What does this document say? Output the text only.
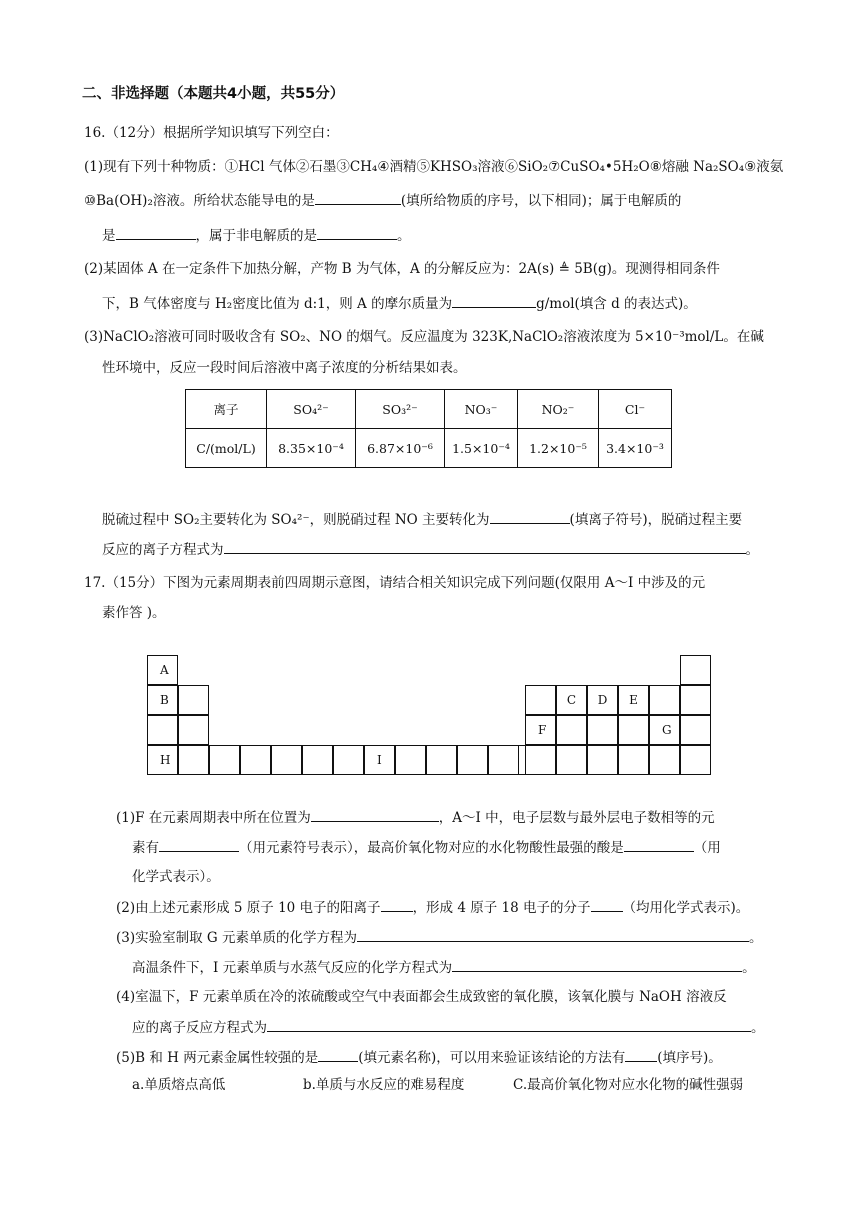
二、非选择题（本题共4小题，共55分）
16.（12分）根据所学知识填写下列空白：
(1)现有下列十种物质：①HCl 气体②石墨③CH₄④酒精⑤KHSO₃溶液⑥SiO₂⑦CuSO₄•5H₂O⑧熔融 Na₂SO₄⑨液氨
⑩Ba(OH)₂溶液。所给状态能导电的是	(填所给物质的序号，以下相同)；属于电解质的
是	，属于非电解质的是	。
(2)某固体 A 在一定条件下加热分解，产物 B 为气体，A 的分解反应为：2A(s) ≜ 5B(g)。现测得相同条件
下，B 气体密度与 H₂密度比值为 d:1，则 A 的摩尔质量为	g/mol(填含 d 的表达式)。
(3)NaClO₂溶液可同时吸收含有 SO₂、NO 的烟气。反应温度为 323K,NaClO₂溶液浓度为 5×10⁻³mol/L。在碱
性环境中，反应一段时间后溶液中离子浓度的分析结果如表。
离子	SO₄²⁻	SO₃²⁻	NO₃⁻	NO₂⁻	Cl⁻
C/(mol/L)	8.35×10⁻⁴	6.87×10⁻⁶	1.5×10⁻⁴	1.2×10⁻⁵	3.4×10⁻³
脱硫过程中 SO₂主要转化为 SO₄²⁻，则脱硝过程 NO 主要转化为	(填离子符号)，脱硝过程主要
反应的离子方程式为	。
17.（15分）下图为元素周期表前四周期示意图，请结合相关知识完成下列问题(仅限用 A～I 中涉及的元
素作答 )。
A
B	C	D	E
F	G
H	I
(1)F 在元素周期表中所在位置为	，A～I 中，电子层数与最外层电子数相等的元
素有	（用元素符号表示），最高价氧化物对应的水化物酸性最强的酸是	（用
化学式表示）。
(2)由上述元素形成 5 原子 10 电子的阳离子 ，形成 4 原子 18 电子的分子 （均用化学式表示)。
(3)实验室制取 G 元素单质的化学方程为	。
高温条件下，I 元素单质与水蒸气反应的化学方程式为	。
(4)室温下，F 元素单质在冷的浓硫酸或空气中表面都会生成致密的氧化膜，该氧化膜与 NaOH 溶液反
应的离子反应方程式为	。
(5)B 和 H 两元素金属性较强的是	(填元素名称)，可以用来验证该结论的方法有 (填序号)。
a.单质熔点高低	b.单质与水反应的难易程度	C.最高价氧化物对应水化物的碱性强弱
